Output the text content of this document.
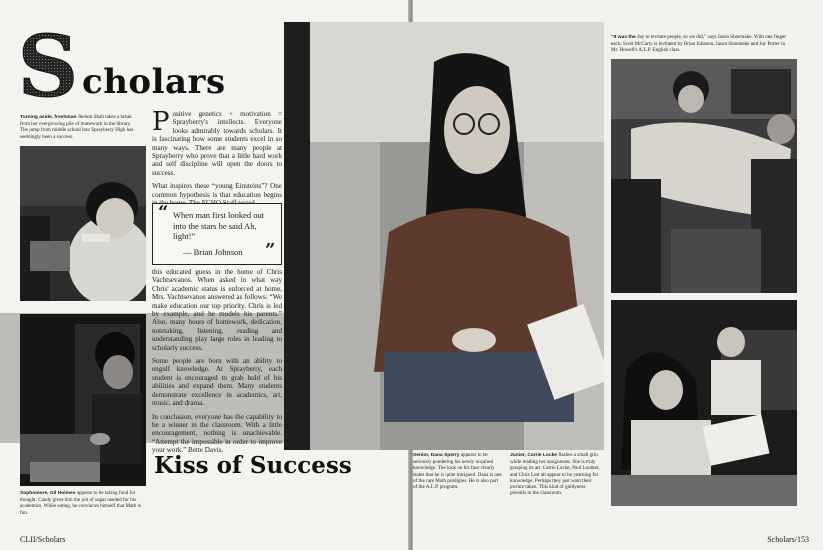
S cholars
Turning aside, freshman Jhelum Shah takes a break from her overgrowing pile of homework in the library. The jump from middle school into Sprayberry High has seemingly been a success.
Sophomore, Gil Holmes appears to be taking food for thought. Candy gives him the jolt of sugar needed for his academics. While eating, he convinces himself that Math is fun.

Positive genetics + motivation = Sprayberry's intellects. Everyone looks admirably towards scholars. It is fascinating how some students excel in so many ways. There are many people at Sprayberry who prove that a little hard work and self discipline will open the doors to success.

What inspires these “young Einsteins”? One common hypothesis is that education begins

“ When man first looked out into the stars he said Ah, light!”
— Brian Johnson ”

this educated guess in the home of Chris Vachtsevanos. When asked in what way Chris' academic status is enforced at home, Mrs. Vachtsevanos answered as follows: “We make education our top priority. Chris is led by example, and he models his parents.” Also, many hours of homework, dedication, notetaking, listening, reading and understanding play large roles in leading to scholarly success.

Some people are born with an ability to engulf knowledge. At Sprayberry, each student is encouraged to grab hold of his abilities and expand them. Many students demonstrate excellence in academics, art, music, and drama.

In conclusion, everyone has the capability to be a winner in the classroom. With a little encouragement, nothing is unachievable. “Attempt the impossible in order to improve your work.” Bette Davis.

Kiss of Success
CLII/Scholars
“It was the day to levitate people, so we did,” says Jason Shoemake. With one finger each, Scott McCarty is levitated by Brian Johnson, Jason Shoemake and Jay Porter in Mr. Howell's A.L.P. English class.
Senior, Dana Sperry appears to be seriously pondering his newly acquired knowledge. The look on his face clearly states that he is quite intrigued. Dana is one of the rare Math prodigies. He is also part of the A.L.P. program.
Junior, Carrie Locke flashes a small grin while reading her assignment. She is truly grasping its art. Carrie Locke, Paul Loomer, and Chris Lott all appear to be yearning for knowledge. Perhaps they just want their picture taken. This kind of goldyness prevails in the classroom.
Scholars/153
